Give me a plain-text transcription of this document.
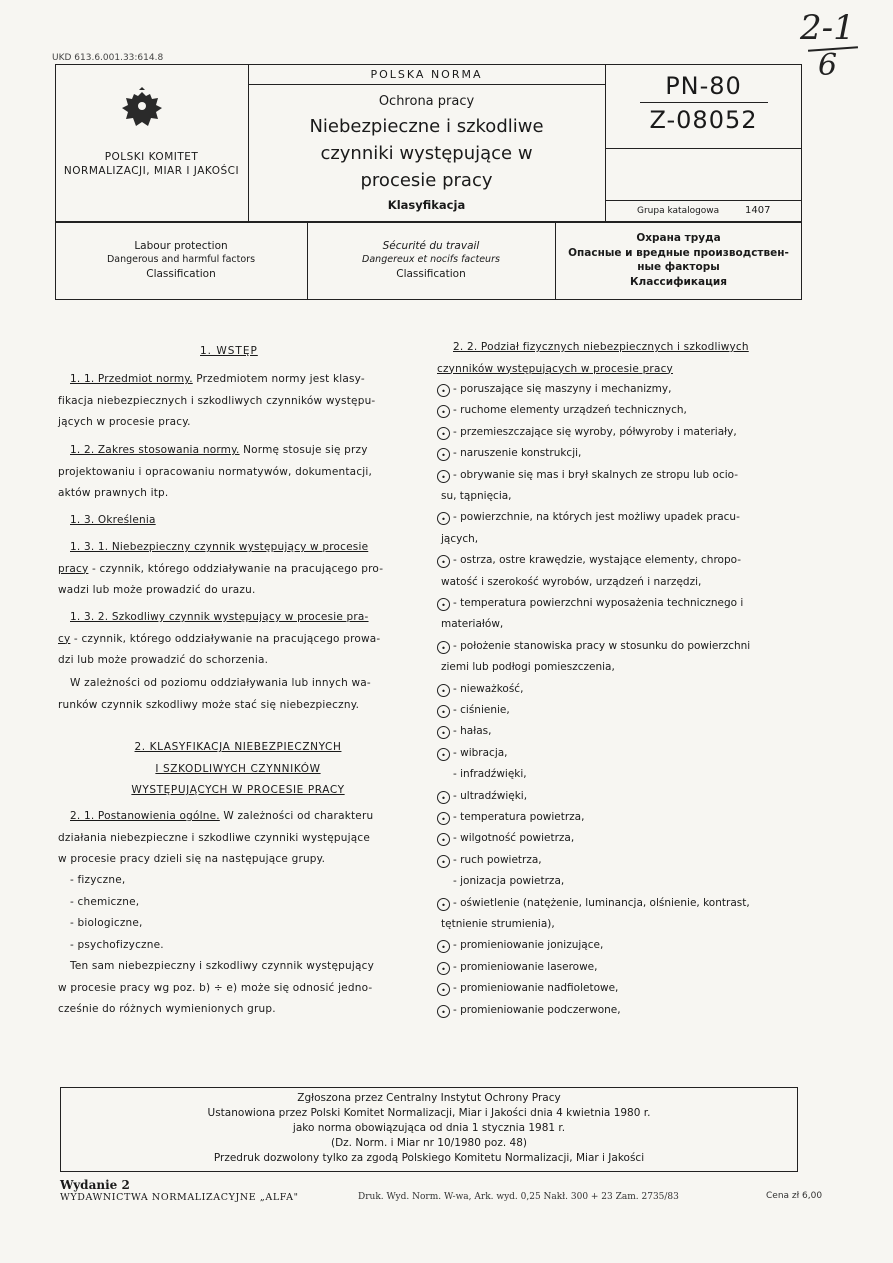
2-1
6
UKD 613.6.001.33:614.8
POLSKI KOMITET NORMALIZACJI, MIAR I JAKOŚCI
POLSKA NORMA
Ochrona pracy
Niebezpieczne i szkodliwe czynniki występujące w procesie pracy
Klasyfikacja
PN-80
Z-08052
Grupa katalogowa	1407
Labour protection
Dangerous and harmful factors
Classification
Sécurité du travail
Dangereux et nocifs facteurs
Classification
Охрана труда
Опасные и вредные производствен-
ные факторы
Классификация
1. WSTĘP
1. 1. Przedmiot normy. Przedmiotem normy jest klasy-
fikacja niebezpiecznych i szkodliwych czynników występu-
jących w procesie pracy.
1. 2. Zakres stosowania normy. Normę stosuje się przy
projektowaniu i opracowaniu normatywów, dokumentacji,
aktów prawnych itp.
1. 3. Określenia
1. 3. 1. Niebezpieczny czynnik występujący w procesie
pracy - czynnik, którego oddziaływanie na pracującego pro-
wadzi lub może prowadzić do urazu.
1. 3. 2. Szkodliwy czynnik występujący w procesie pra-
cy - czynnik, którego oddziaływanie na pracującego prowa-
dzi lub może prowadzić do schorzenia.
W zależności od poziomu oddziaływania lub innych wa-
runków czynnik szkodliwy może stać się niebezpieczny.
2. KLASYFIKACJA NIEBEZPIECZNYCH
I SZKODLIWYCH CZYNNIKÓW
WYSTĘPUJĄCYCH W PROCESIE PRACY
2. 1. Postanowienia ogólne. W zależności od charakteru
działania niebezpieczne i szkodliwe czynniki występujące
w procesie pracy dzieli się na następujące grupy.
- fizyczne,
- chemiczne,
- biologiczne,
- psychofizyczne.
Ten sam niebezpieczny i szkodliwy czynnik występujący
w procesie pracy wg poz. b) ÷ e) może się odnosić jedno-
cześnie do różnych wymienionych grup.
2. 2. Podział fizycznych niebezpiecznych i szkodliwych
czynników występujących w procesie pracy
• - poruszające się maszyny i mechanizmy,
• - ruchome elementy urządzeń technicznych,
• - przemieszczające się wyroby, półwyroby i materiały,
• - naruszenie konstrukcji,
• - obrywanie się mas i brył skalnych ze stropu lub ocio-
su, tąpnięcia,
• - powierzchnie, na których jest możliwy upadek pracu-
jących,
• - ostrza, ostre krawędzie, wystające elementy, chropo-
watość i szerokość wyrobów, urządzeń i narzędzi,
• - temperatura powierzchni wyposażenia technicznego i
materiałów,
• - położenie stanowiska pracy w stosunku do powierzchni
ziemi lub podłogi pomieszczenia,
• - nieważkość,
• - ciśnienie,
• - hałas,
• - wibracja,
- infradźwięki,
• - ultradźwięki,
• - temperatura powietrza,
• - wilgotność powietrza,
• - ruch powietrza,
- jonizacja powietrza,
• - oświetlenie (natężenie, luminancja, olśnienie, kontrast,
tętnienie strumienia),
• - promieniowanie jonizujące,
• - promieniowanie laserowe,
• - promieniowanie nadfioletowe,
• - promieniowanie podczerwone,
Zgłoszona przez Centralny Instytut Ochrony Pracy
Ustanowiona przez Polski Komitet Normalizacji, Miar i Jakości dnia 4 kwietnia 1980 r.
jako norma obowiązująca od dnia 1 stycznia 1981 r.
(Dz. Norm. i Miar nr 10/1980 poz. 48)
Przedruk dozwolony tylko za zgodą Polskiego Komitetu Normalizacji, Miar i Jakości
Wydanie 2
WYDAWNICTWA NORMALIZACYJNE „ALFA"	Druk. Wyd. Norm. W-wa, Ark. wyd. 0,25 Nakł. 300 + 23 Zam. 2735/83	Cena zł 6,00
